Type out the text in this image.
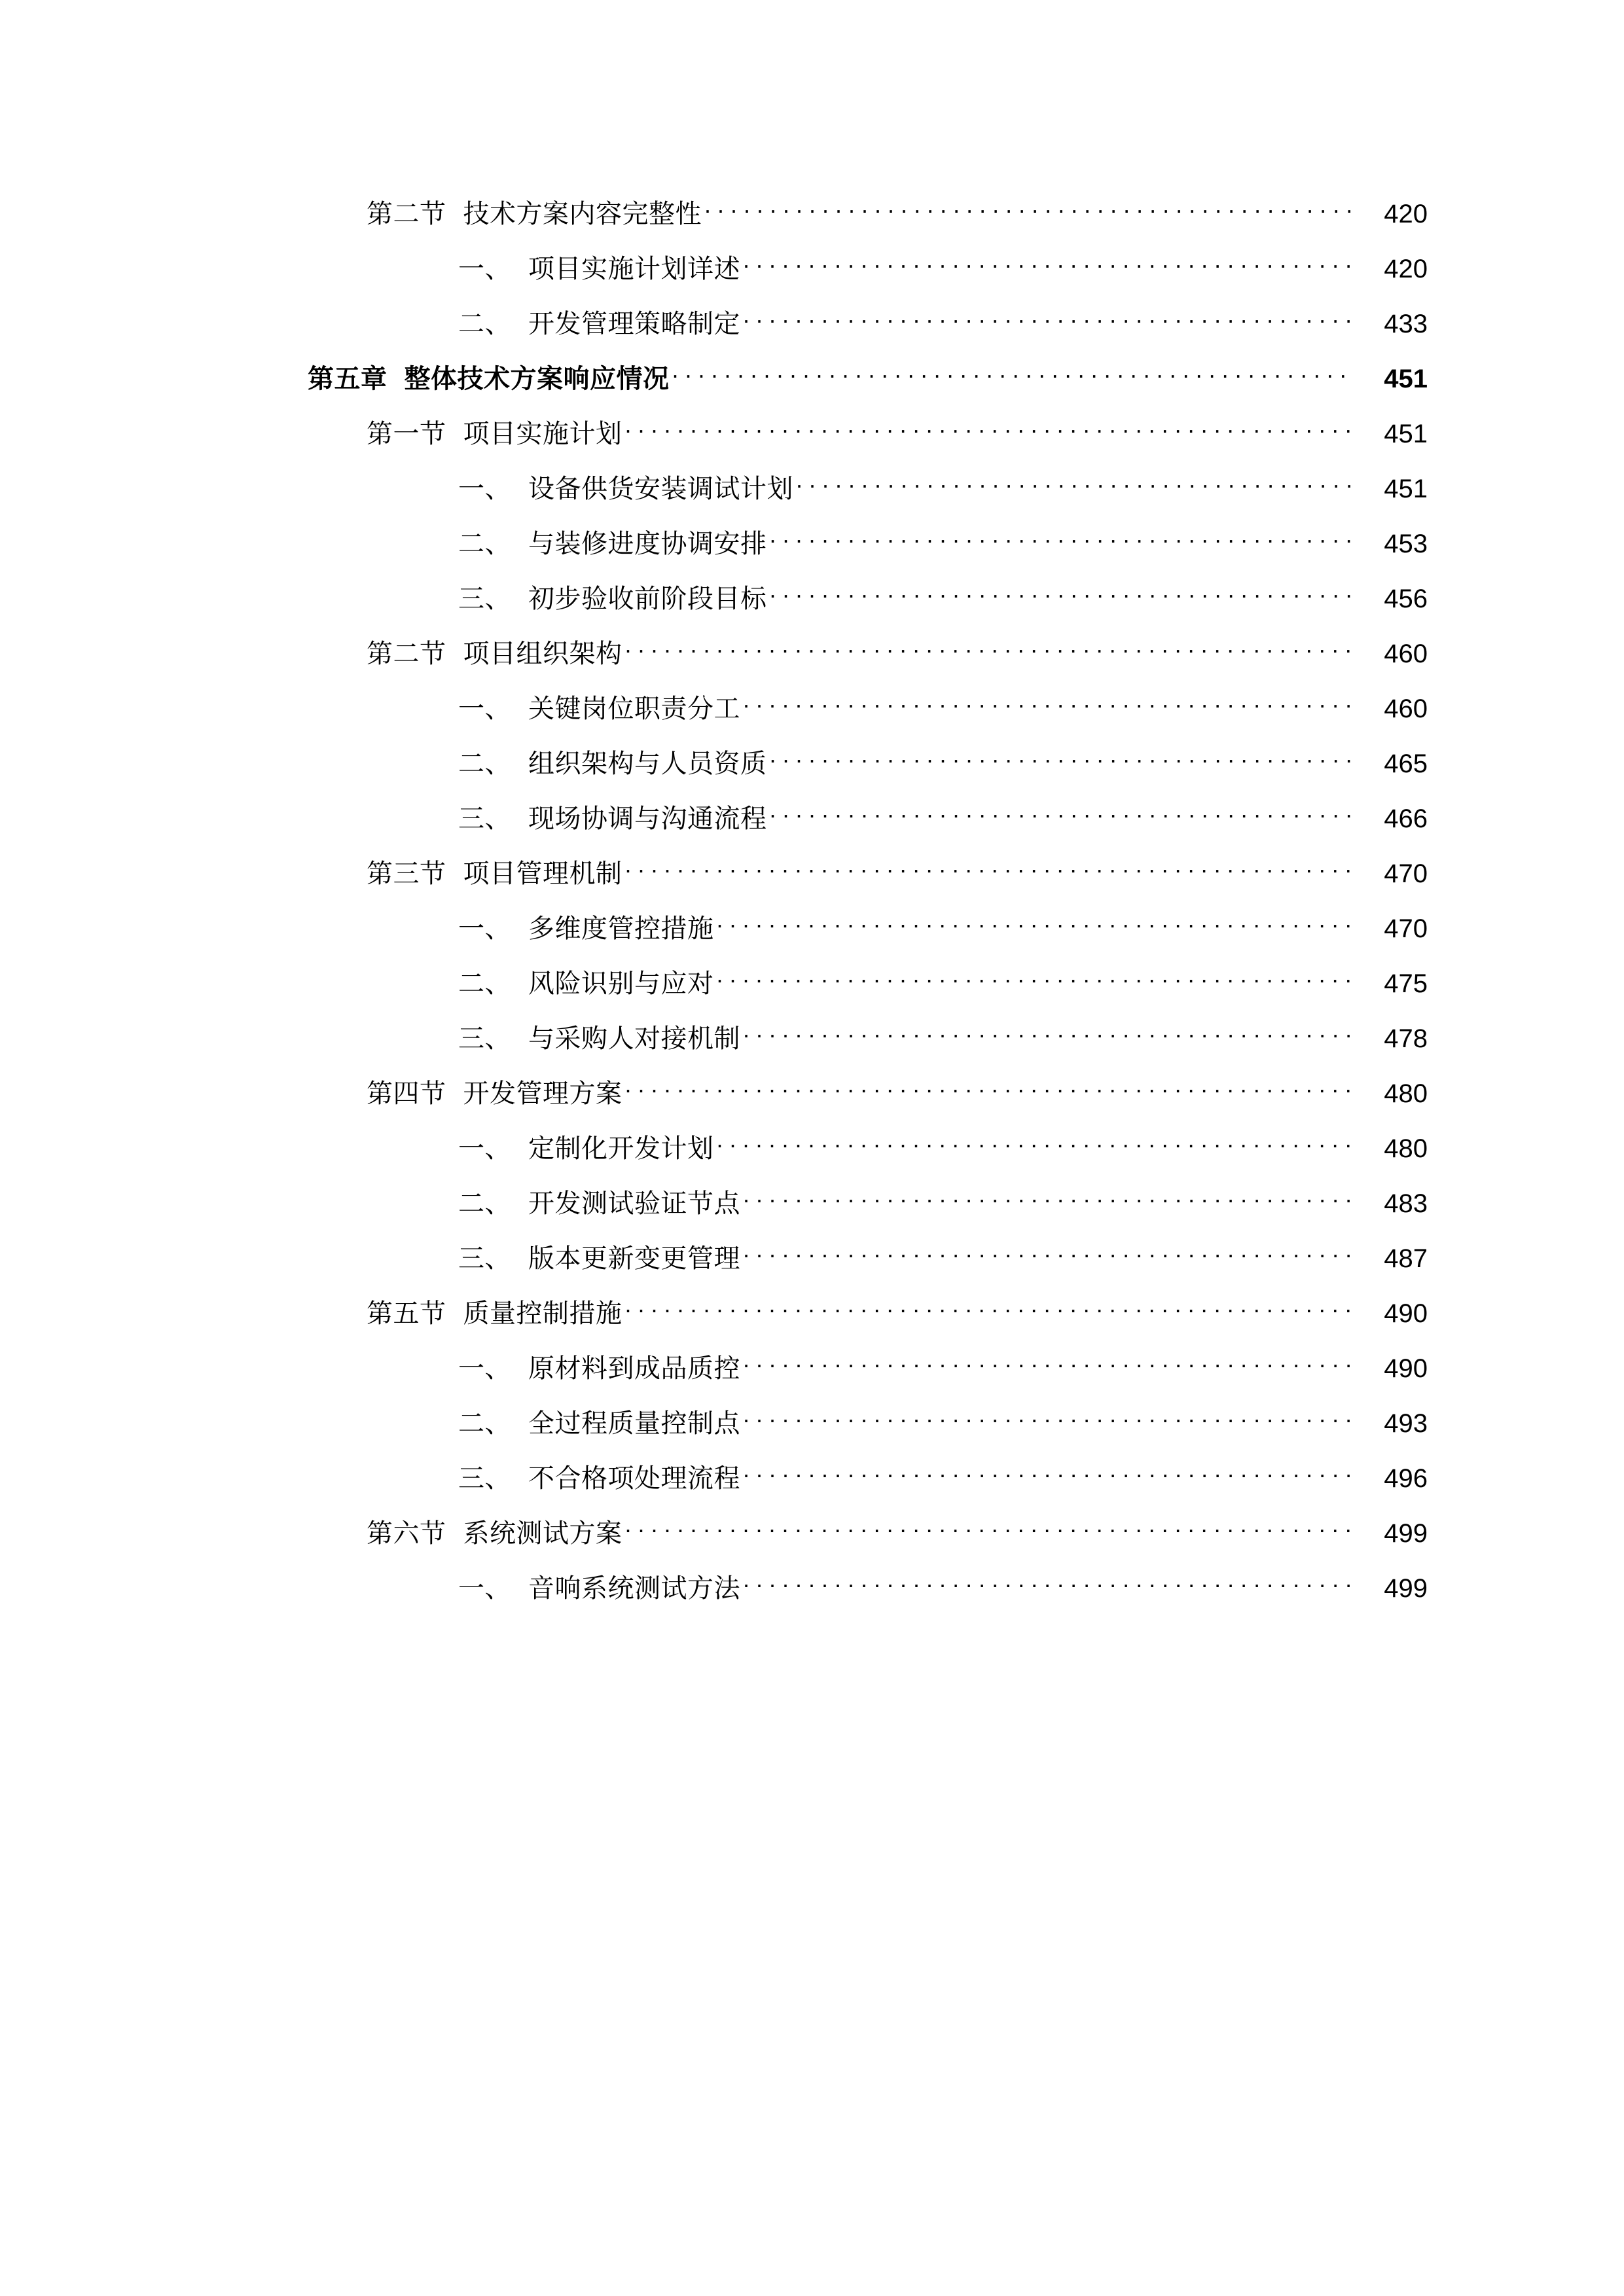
第二节 技术方案内容完整性 . . .	420
一、 项目实施计划详述 . . .	420
二、 开发管理策略制定 . . .	433
第五章 整体技术方案响应情况 . . .	451
第一节 项目实施计划 . . .	451
一、 设备供货安装调试计划 . . .	451
二、 与装修进度协调安排 . . .	453
三、 初步验收前阶段目标 . . .	456
第二节 项目组织架构 . . .	460
一、 关键岗位职责分工 . . .	460
二、 组织架构与人员资质 . . .	465
三、 现场协调与沟通流程 . . .	466
第三节 项目管理机制 . . .	470
一、 多维度管控措施 . . .	470
二、 风险识别与应对 . . .	475
三、 与采购人对接机制 . . .	478
第四节 开发管理方案 . . .	480
一、 定制化开发计划 . . .	480
二、 开发测试验证节点 . . .	483
三、 版本更新变更管理 . . .	487
第五节 质量控制措施 . . .	490
一、 原材料到成品质控 . . .	490
二、 全过程质量控制点 . . .	493
三、 不合格项处理流程 . . .	496
第六节 系统测试方案 . . .	499
一、 音响系统测试方法 . . .	499
